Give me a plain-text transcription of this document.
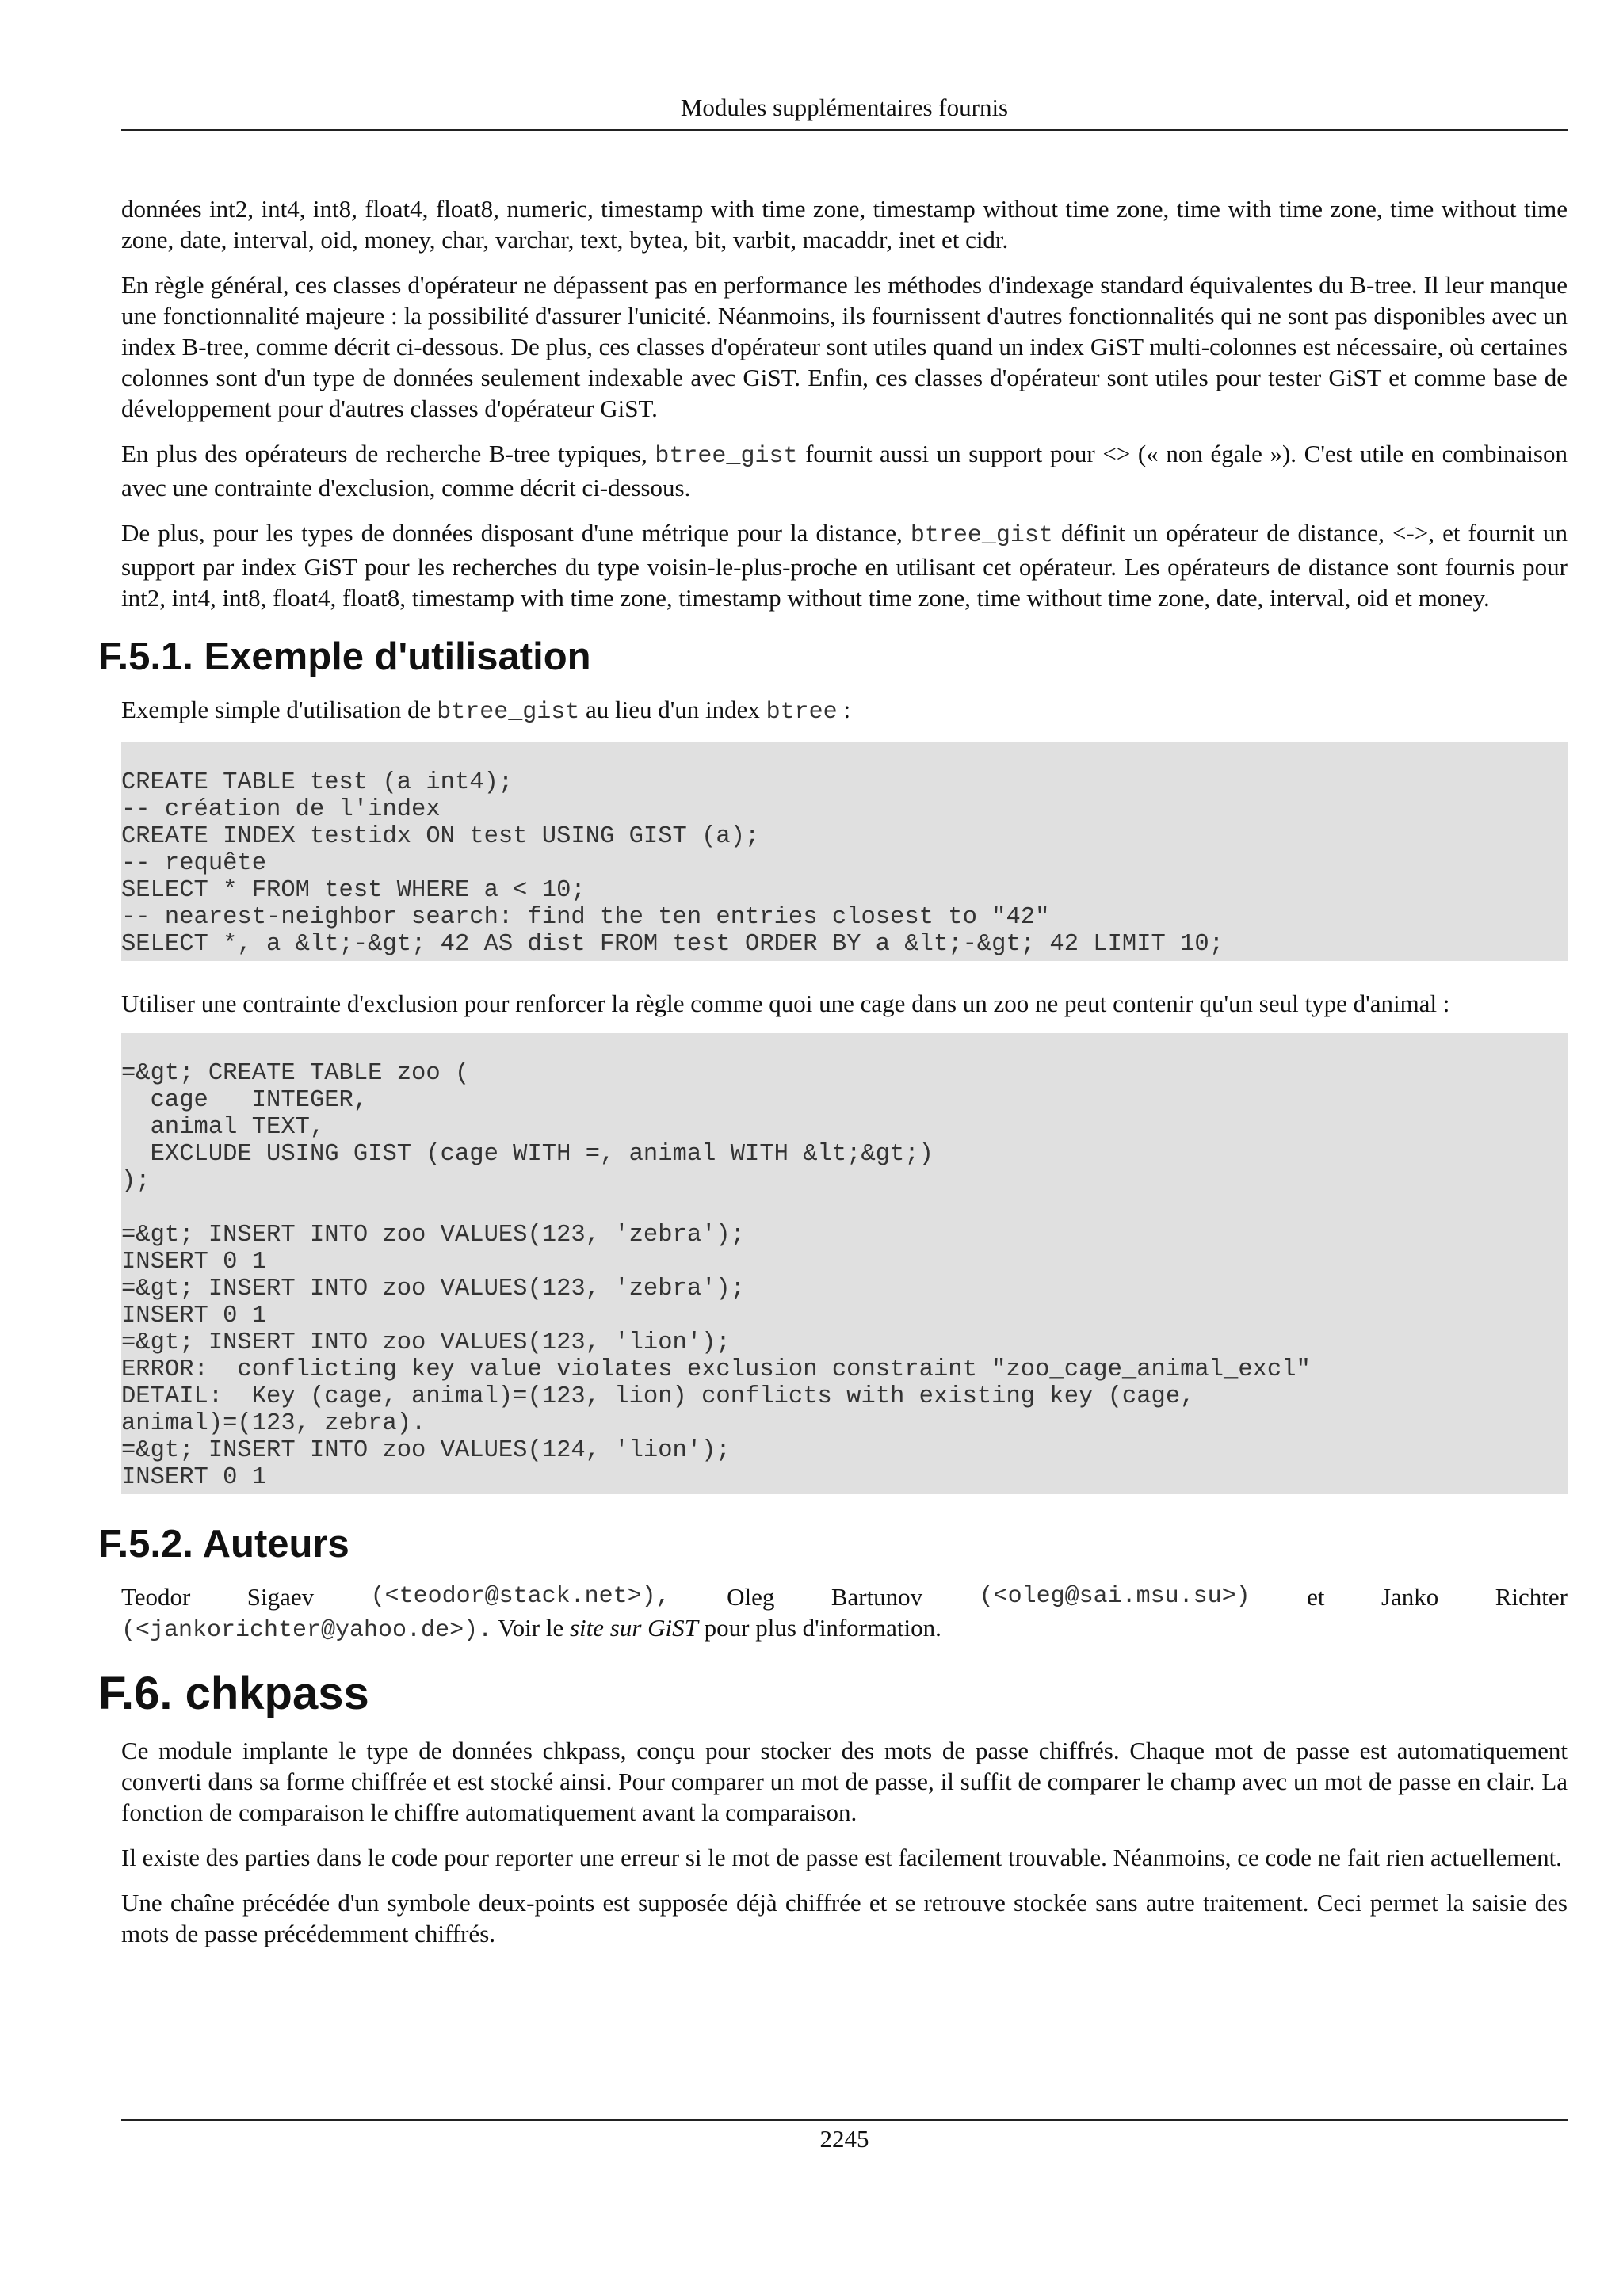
Modules supplémentaires fournis

données int2, int4, int8, float4, float8, numeric, timestamp with time zone, timestamp without time zone, time with time zone, time without time zone, date, interval, oid, money, char, varchar, text, bytea, bit, varbit, macaddr, inet et cidr.

En règle général, ces classes d'opérateur ne dépassent pas en performance les méthodes d'indexage standard équivalentes du B-tree. Il leur manque une fonctionnalité majeure : la possibilité d'assurer l'unicité. Néanmoins, ils fournissent d'autres fonctionnalités qui ne sont pas disponibles avec un index B-tree, comme décrit ci-dessous. De plus, ces classes d'opérateur sont utiles quand un index GiST multi-colonnes est nécessaire, où certaines colonnes sont d'un type de données seulement indexable avec GiST. Enfin, ces classes d'opérateur sont utiles pour tester GiST et comme base de développement pour d'autres classes d'opérateur GiST.

En plus des opérateurs de recherche B-tree typiques, btree_gist fournit aussi un support pour <> (« non égale »). C'est utile en combinaison avec une contrainte d'exclusion, comme décrit ci-dessous.

De plus, pour les types de données disposant d'une métrique pour la distance, btree_gist définit un opérateur de distance, <->, et fournit un support par index GiST pour les recherches du type voisin-le-plus-proche en utilisant cet opérateur. Les opérateurs de distance sont fournis pour int2, int4, int8, float4, float8, timestamp with time zone, timestamp without time zone, time without time zone, date, interval, oid et money.

F.5.1. Exemple d'utilisation

Exemple simple d'utilisation de btree_gist au lieu d'un index btree :

CREATE TABLE test (a int4);
-- création de l'index
CREATE INDEX testidx ON test USING GIST (a);
-- requête
SELECT * FROM test WHERE a < 10;
-- nearest-neighbor search: find the ten entries closest to "42"
SELECT *, a &lt;-&gt; 42 AS dist FROM test ORDER BY a &lt;-&gt; 42 LIMIT 10;

Utiliser une contrainte d'exclusion pour renforcer la règle comme quoi une cage dans un zoo ne peut contenir qu'un seul type d'animal :

=&gt; CREATE TABLE zoo (
cage   INTEGER,
animal TEXT,
EXCLUDE USING GIST (cage WITH =, animal WITH &lt;&gt;)
);

=&gt; INSERT INTO zoo VALUES(123, 'zebra');
INSERT 0 1
=&gt; INSERT INTO zoo VALUES(123, 'zebra');
INSERT 0 1
=&gt; INSERT INTO zoo VALUES(123, 'lion');
ERROR:  conflicting key value violates exclusion constraint "zoo_cage_animal_excl"
DETAIL:  Key (cage, animal)=(123, lion) conflicts with existing key (cage,
animal)=(123, zebra).
=&gt; INSERT INTO zoo VALUES(124, 'lion');
INSERT 0 1
F.5.2. Auteurs
Teodor Sigaev (<teodor@stack.net>), Oleg Bartunov (<oleg@sai.msu.su>) et Janko Richter
(<jankorichter@yahoo.de>). Voir le site sur GiST pour plus d'information.
F.6. chkpass

Ce module implante le type de données chkpass, conçu pour stocker des mots de passe chiffrés. Chaque mot de passe est automatiquement converti dans sa forme chiffrée et est stocké ainsi. Pour comparer un mot de passe, il suffit de comparer le champ avec un mot de passe en clair. La fonction de comparaison le chiffre automatiquement avant la comparaison.

Il existe des parties dans le code pour reporter une erreur si le mot de passe est facilement trouvable. Néanmoins, ce code ne fait rien actuellement.

Une chaîne précédée d'un symbole deux-points est supposée déjà chiffrée et se retrouve stockée sans autre traitement. Ceci permet la saisie des mots de passe précédemment chiffrés.

2245
